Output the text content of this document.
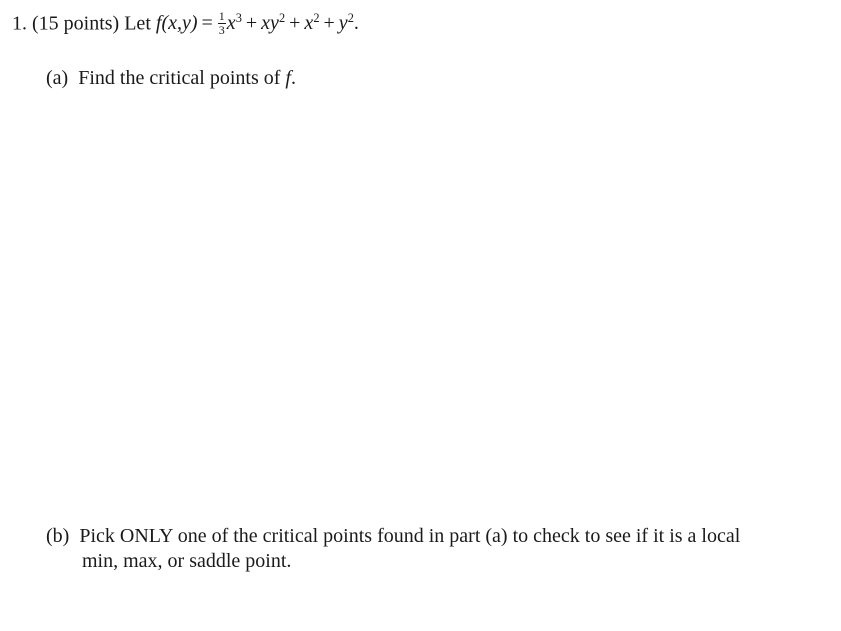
1. (15 points) Let $f(x,y) = \frac{1}{3} x^3 + xy^2 + x^2 + y^2$.
(a) Find the critical points of f.
(b) Pick ONLY one of the critical points found in part (a) to check to see if it is a local
min, max, or saddle point.
